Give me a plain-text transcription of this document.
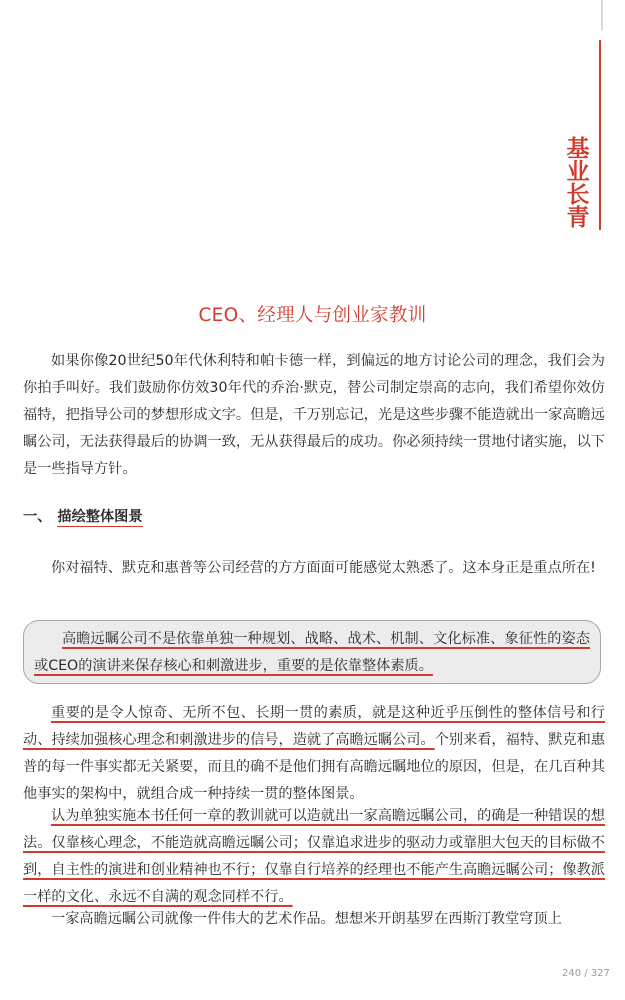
基业长青
CEO、经理人与创业家教训

如果你像20世纪50年代休利特和帕卡德一样，到偏远的地方讨论公司的理念，我们会为你拍手叫好。我们鼓励你仿效30年代的乔治·默克，替公司制定崇高的志向，我们希望你效仿福特，把指导公司的梦想形成文字。但是，千万别忘记，光是这些步骤不能造就出一家高瞻远瞩公司，无法获得最后的协调一致，无从获得最后的成功。你必须持续一贯地付诸实施，以下是一些指导方针。

一、 描绘整体图景

你对福特、默克和惠普等公司经营的方方面面可能感觉太熟悉了。这本身正是重点所在!

高瞻远瞩公司不是依靠单独一种规划、战略、战术、机制、文化标准、象征性的姿态或CEO的演讲来保存核心和刺激进步，重要的是依靠整体素质。

重要的是令人惊奇、无所不包、长期一贯的素质，就是这种近乎压倒性的整体信号和行动、持续加强核心理念和刺激进步的信号，造就了高瞻远瞩公司。个别来看，福特、默克和惠普的每一件事实都无关紧要，而且的确不是他们拥有高瞻远瞩地位的原因，但是，在几百种其他事实的架构中，就组合成一种持续一贯的整体图景。

认为单独实施本书任何一章的教训就可以造就出一家高瞻远瞩公司，的确是一种错误的想法。仅靠核心理念，不能造就高瞻远瞩公司；仅靠追求进步的驱动力或靠胆大包天的目标做不到，自主性的演进和创业精神也不行；仅靠自行培养的经理也不能产生高瞻远瞩公司；像教派一样的文化、永远不自满的观念同样不行。

一家高瞻远瞩公司就像一件伟大的艺术作品。想想米开朗基罗在西斯汀教堂穹顶上

240 / 327
